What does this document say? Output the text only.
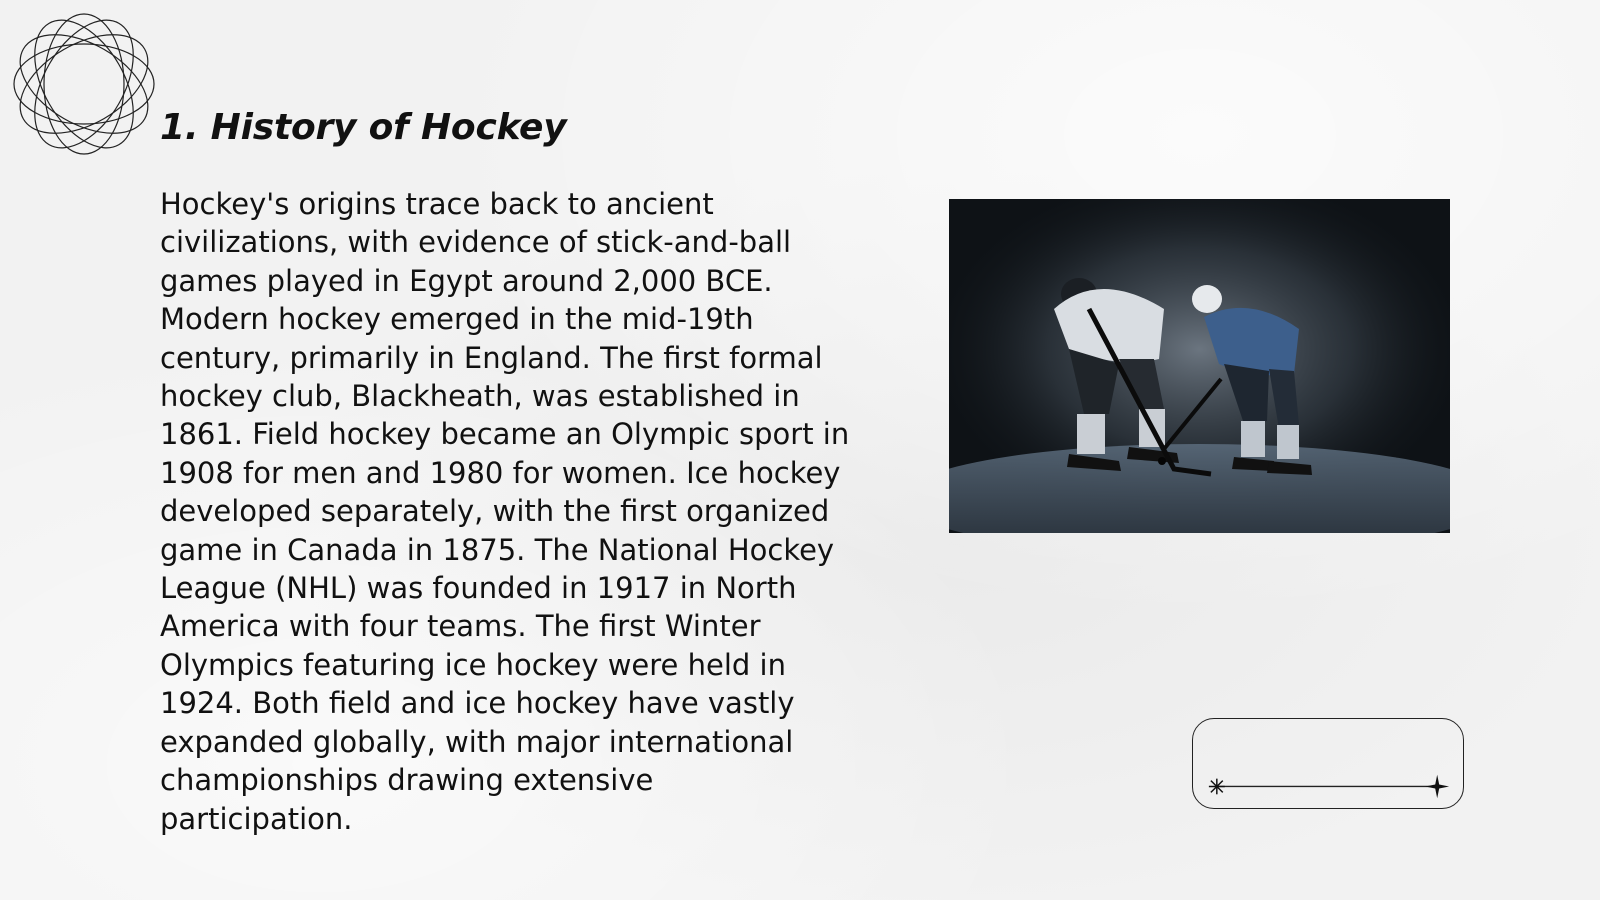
1. History of Hockey

Hockey's origins trace back to ancient civilizations, with evidence of stick-and-ball games played in Egypt around 2,000 BCE. Modern hockey emerged in the mid-19th century, primarily in England. The first formal hockey club, Blackheath, was established in 1861. Field hockey became an Olympic sport in 1908 for men and 1980 for women. Ice hockey developed separately, with the first organized game in Canada in 1875. The National Hockey League (NHL) was founded in 1917 in North America with four teams. The first Winter Olympics featuring ice hockey were held in 1924. Both field and ice hockey have vastly expanded globally, with major international championships drawing extensive participation.
